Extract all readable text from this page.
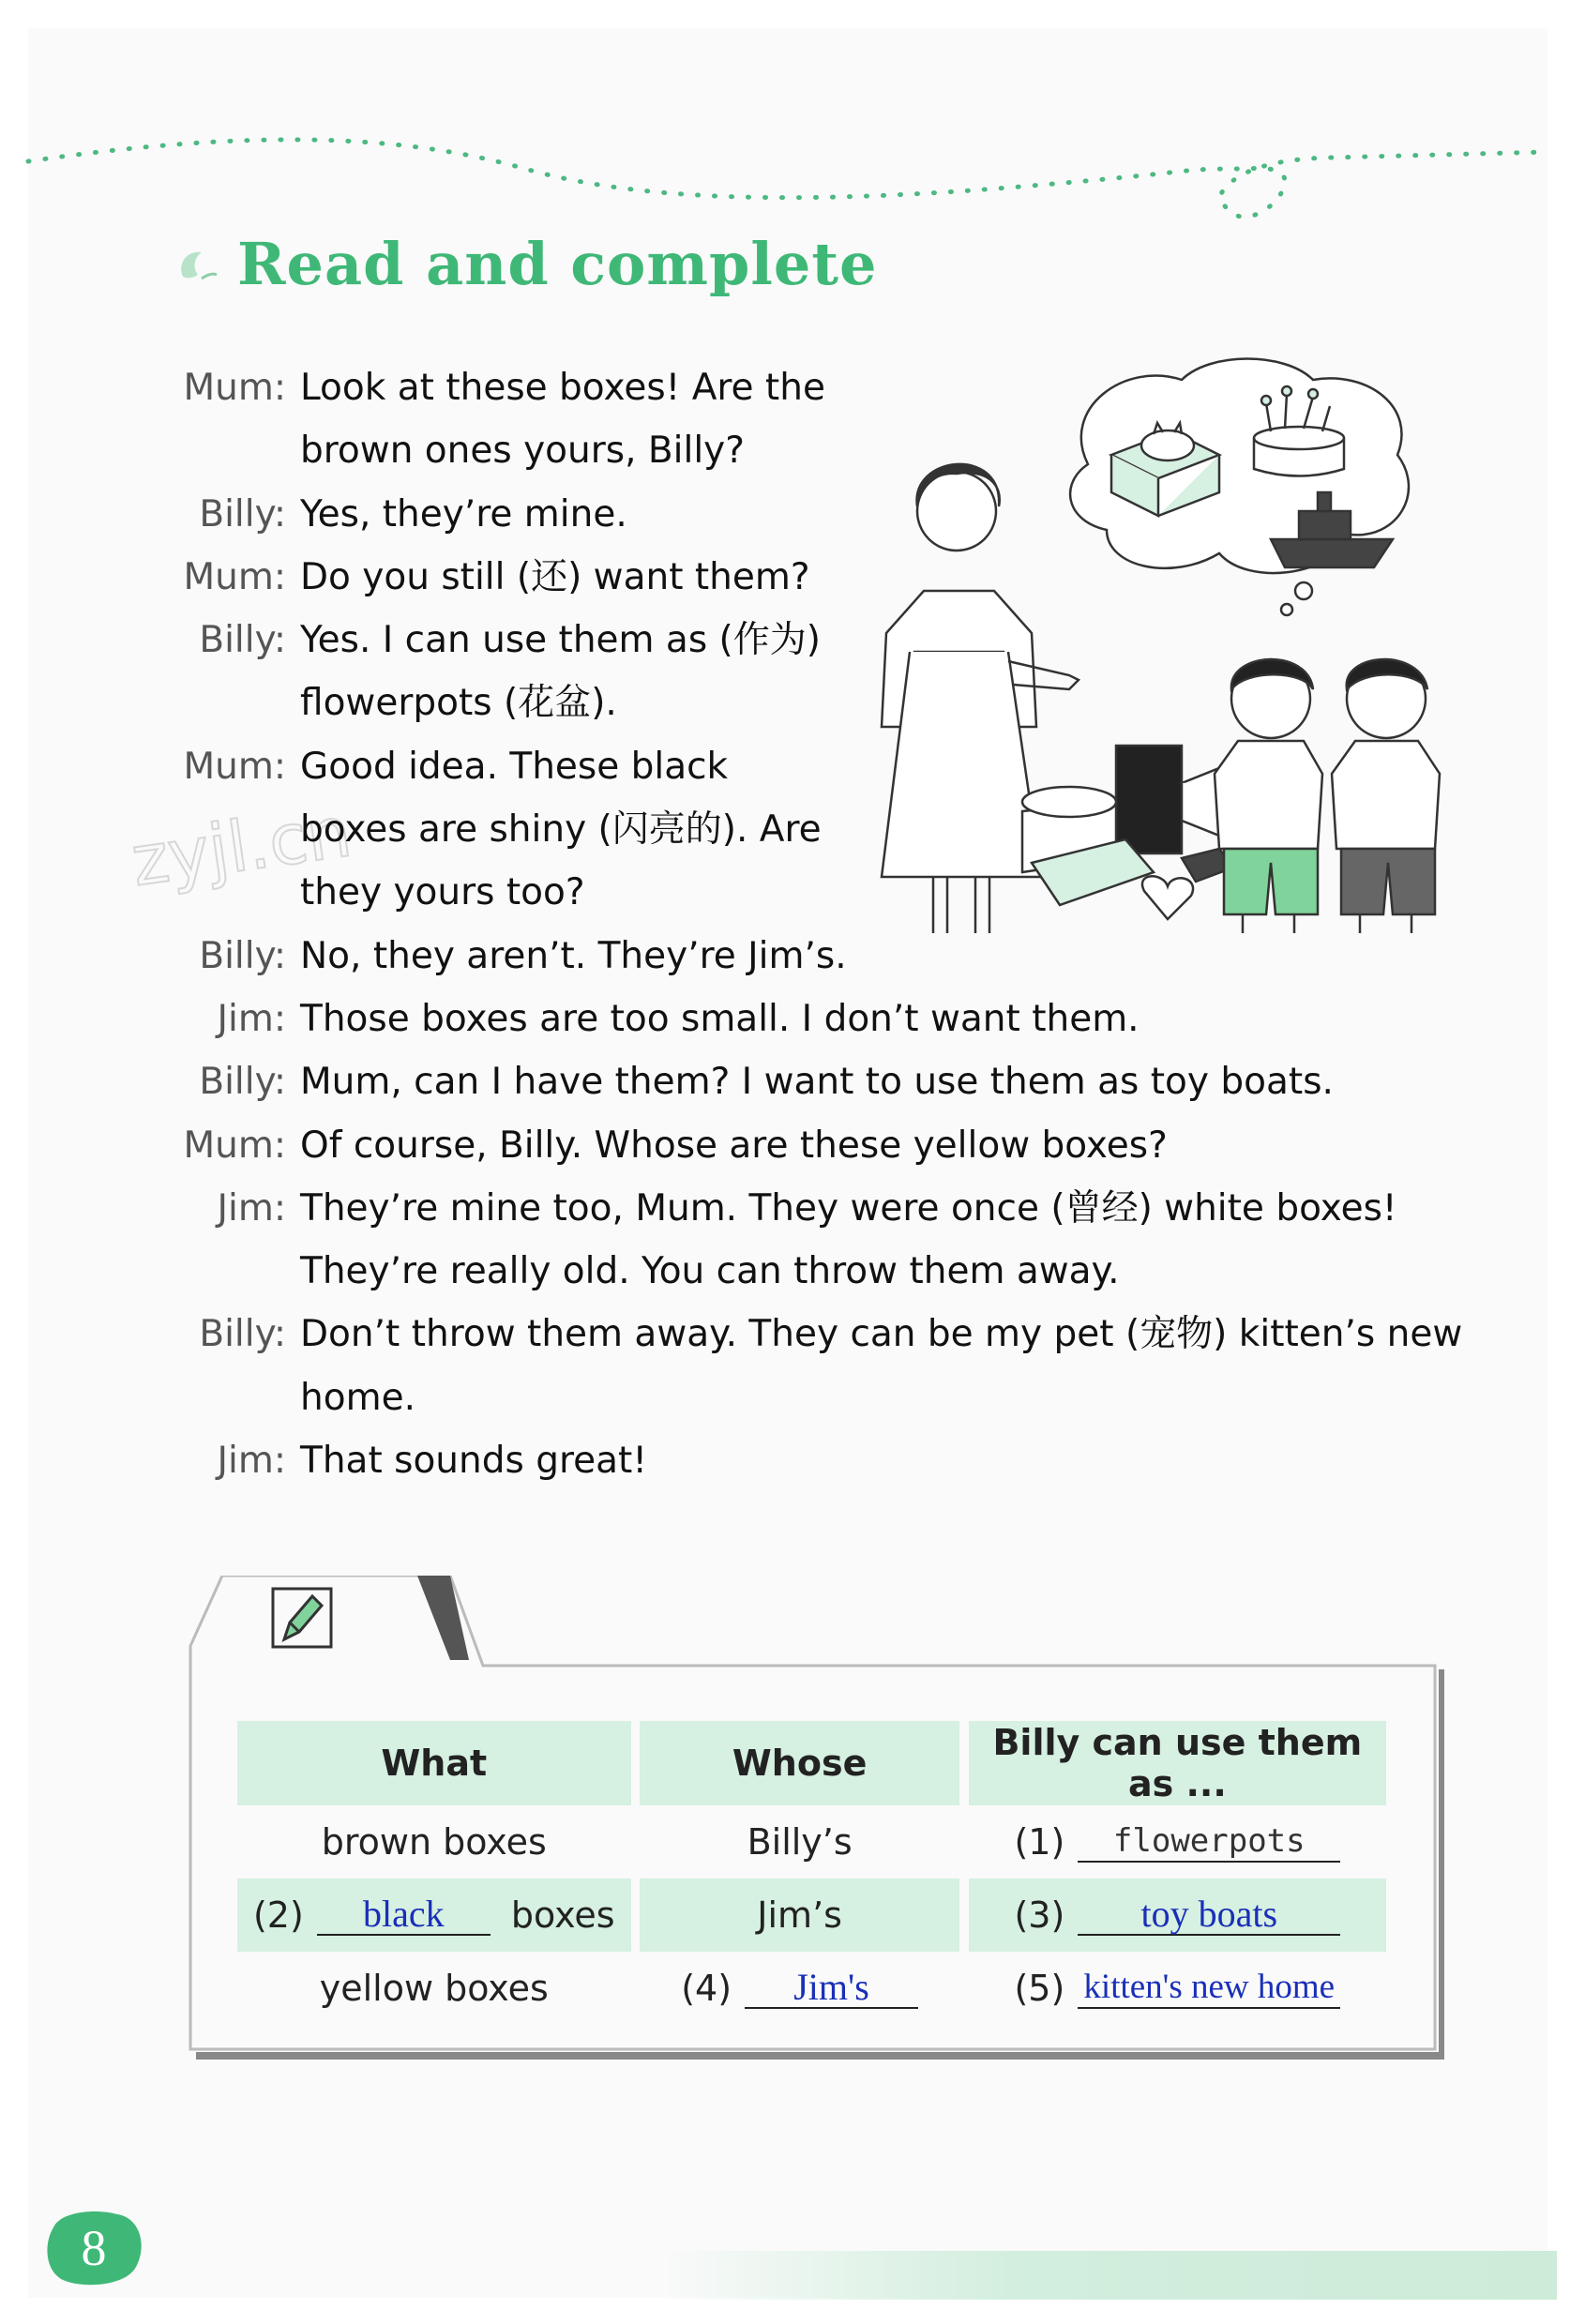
Read and complete
zyjl.cn
Mum: Look at these boxes! Are the
brown ones yours, Billy?
Billy: Yes, they’re mine.
Mum: Do you still (还) want them?
Billy: Yes. I can use them as (作为)
flowerpots (花盆).
Mum: Good idea. These black
boxes are shiny (闪亮的). Are
they yours too?
Billy: No, they aren’t. They’re Jim’s.
Jim: Those boxes are too small. I don’t want them.
Billy: Mum, can I have them? I want to use them as toy boats.
Mum: Of course, Billy. Whose are these yellow boxes?
Jim: They’re mine too, Mum. They were once (曾经) white boxes!
They’re really old. You can throw them away.
Billy: Don’t throw them away. They can be my pet (宠物) kitten’s new
home.
Jim: That sounds great!
What		Whose		Billy can use them as ...
brown boxes		Billy’s		(1) flowerpots
(2) black boxes		Jim’s		(3) toy boats
yellow boxes		(4) Jim's		(5) kitten's new home
8
